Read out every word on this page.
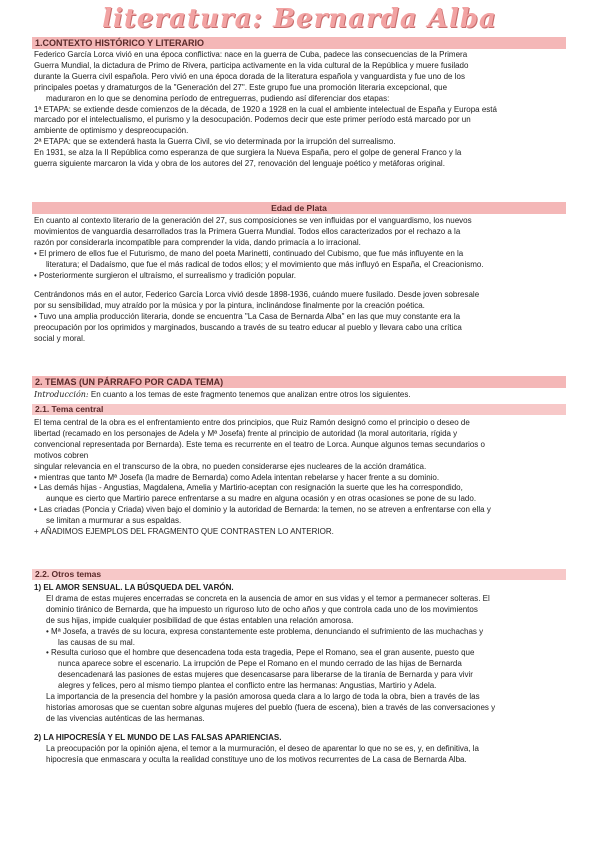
literatura: Bernarda Alba
1.CONTEXTO HISTÓRICO Y LITERARIO

Federico García Lorca vivió en una época conflictiva: nace en la guerra de Cuba, padece las consecuencias de la Primera

Guerra Mundial, la dictadura de Primo de Rivera, participa activamente en la vida cultural de la República y muere fusilado

durante la Guerra civil española. Pero vivió en una época dorada de la literatura española y vanguardista y fue uno de los

principales poetas y dramaturgos de la "Generación del 27". Este grupo fue una promoción literaria excepcional, que

maduraron en lo que se denomina período de entreguerras, pudiendo así diferenciar dos etapas:

1ª ETAPA: se extiende desde comienzos de la década, de 1920 a 1928 en la cual el ambiente intelectual de España y Europa está

marcado por el intelectualismo, el purismo y la desocupación. Podemos decir que este primer período está marcado por un

ambiente de optimismo y despreocupación.

2ª ETAPA: que se extenderá hasta la Guerra Civil, se vio determinada por la irrupción del surrealismo.

En 1931, se alza la II República como esperanza de que surgiera la Nueva España, pero el golpe de general Franco y la

guerra siguiente marcaron la vida y obra de los autores del 27, renovación del lenguaje poético y metáforas original.

Edad de Plata

En cuanto al contexto literario de la generación del 27, sus composiciones se ven influidas por el vanguardismo, los nuevos

movimientos de vanguardia desarrollados tras la Primera Guerra Mundial. Todos ellos caracterizados por el rechazo a la

razón por considerarla incompatible para comprender la vida, dando primacía a lo irracional.

• El primero de ellos fue el Futurismo, de mano del poeta Marinetti, continuado del Cubismo, que fue más influyente en la

literatura; el Dadaísmo, que fue el más radical de todos ellos; y el movimiento que más influyó en España, el Creacionismo.

• Posteriormente surgieron el ultraísmo, el surrealismo y tradición popular.

Centrándonos más en el autor, Federico García Lorca vivió desde 1898-1936, cuándo muere fusilado. Desde joven sobresale

por su sensibilidad, muy atraído por la música y por la pintura, inclinándose finalmente por la creación poética.

• Tuvo una amplia producción literaria, donde se encuentra "La Casa de Bernarda Alba" en las que muy constante era la

preocupación por los oprimidos y marginados, buscando a través de su teatro educar al pueblo y llevara cabo una crítica

social y moral.

2. TEMAS (UN PÁRRAFO POR CADA TEMA)
Introducción: En cuanto a los temas de este fragmento tenemos que analizan entre otros los siguientes.
2.1. Tema central

El tema central de la obra es el enfrentamiento entre dos principios, que Ruiz Ramón designó como el principio o deseo de

libertad (recamado en los personajes de Adela y Mª Josefa) frente al principio de autoridad (la moral autoritaria, rígida y

convencional representada por Bernarda). Este tema es recurrente en el teatro de Lorca. Aunque algunos temas secundarios o

motivos cobren

singular relevancia en el transcurso de la obra, no pueden considerarse ejes nucleares de la acción dramática.

• mientras que tanto Mª Josefa (la madre de Bernarda) como Adela intentan rebelarse y hacer frente a su dominio.

• Las demás hijas - Angustias, Magdalena, Amelia y Martirio-aceptan con resignación la suerte que les ha correspondido,

aunque es cierto que Martirio parece enfrentarse a su madre en alguna ocasión y en otras ocasiones se pone de su lado.

• Las criadas (Poncia y Criada) viven bajo el dominio y la autoridad de Bernarda: la temen, no se atreven a enfrentarse con ella y

se limitan a murmurar a sus espaldas.

+ AÑADIMOS EJEMPLOS DEL FRAGMENTO QUE CONTRASTEN LO ANTERIOR.

2.2. Otros temas

1) EL AMOR SENSUAL. LA BÚSQUEDA DEL VARÓN.

El drama de estas mujeres encerradas se concreta en la ausencia de amor en sus vidas y el temor a permanecer solteras. El

dominio tiránico de Bernarda, que ha impuesto un riguroso luto de ocho años y que controla cada uno de los movimientos

de sus hijas, impide cualquier posibilidad de que éstas entablen una relación amorosa.

• Mª Josefa, a través de su locura, expresa constantemente este problema, denunciando el sufrimiento de las muchachas y

las causas de su mal.

• Resulta curioso que el hombre que desencadena toda esta tragedia, Pepe el Romano, sea el gran ausente, puesto que

nunca aparece sobre el escenario. La irrupción de Pepe el Romano en el mundo cerrado de las hijas de Bernarda

desencadenará las pasiones de estas mujeres que desencasarse para liberarse de la tiranía de Bernarda y para vivir

alegres y felices, pero al mismo tiempo plantea el conflicto entre las hermanas: Angustias, Martirio y Adela.

La importancia de la presencia del hombre y la pasión amorosa queda clara a lo largo de toda la obra, bien a través de las

historias amorosas que se cuentan sobre algunas mujeres del pueblo (fuera de escena), bien a través de las conversaciones y

de las vivencias auténticas de las hermanas.

2) LA HIPOCRESÍA Y EL MUNDO DE LAS FALSAS APARIENCIAS.

La preocupación por la opinión ajena, el temor a la murmuración, el deseo de aparentar lo que no se es, y, en definitiva, la

hipocresía que enmascara y oculta la realidad constituye uno de los motivos recurrentes de La casa de Bernarda Alba.
